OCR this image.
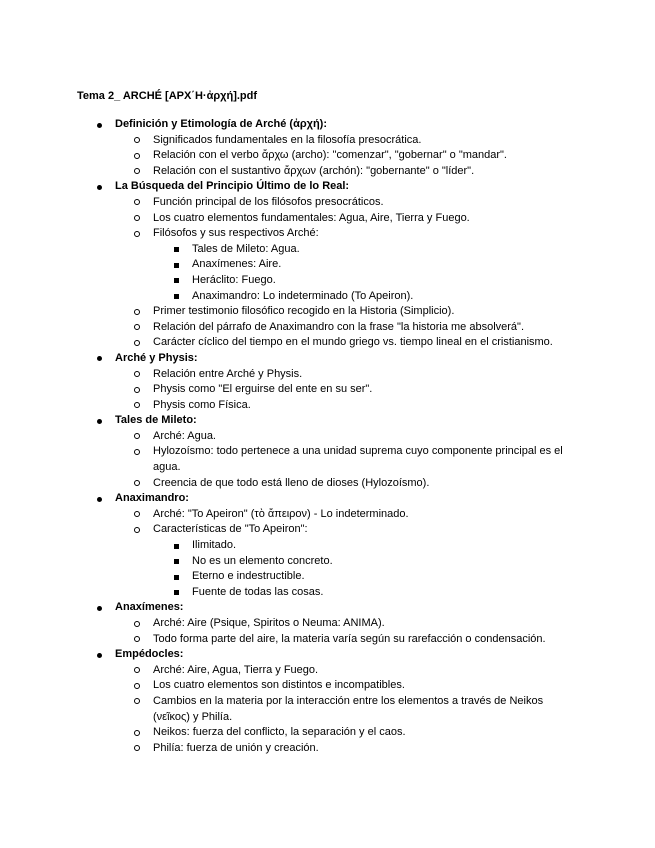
Tema 2_ ARCHÉ [ΑΡΧ΄Η·ἀρχή].pdf
Definición y Etimología de Arché (ἀρχή):
Significados fundamentales en la filosofía presocrática.
Relación con el verbo ἄρχω (archo): "comenzar", "gobernar" o "mandar".
Relación con el sustantivo ἄρχων (archón): "gobernante" o "líder".
La Búsqueda del Principio Último de lo Real:
Función principal de los filósofos presocráticos.
Los cuatro elementos fundamentales: Agua, Aire, Tierra y Fuego.
Filósofos y sus respectivos Arché:
Tales de Mileto: Agua.
Anaxímenes: Aire.
Heráclito: Fuego.
Anaximandro: Lo indeterminado (To Apeiron).
Primer testimonio filosófico recogido en la Historia (Simplicio).
Relación del párrafo de Anaximandro con la frase "la historia me absolverá".
Carácter cíclico del tiempo en el mundo griego vs. tiempo lineal en el cristianismo.
Arché y Physis:
Relación entre Arché y Physis.
Physis como "El erguirse del ente en su ser".
Physis como Física.
Tales de Mileto:
Arché: Agua.
Hylozoísmo: todo pertenece a una unidad suprema cuyo componente principal es el agua.
Creencia de que todo está lleno de dioses (Hylozoísmo).
Anaximandro:
Arché: "To Apeiron" (τὸ ἄπειρον) - Lo indeterminado.
Características de "To Apeiron":
Ilimitado.
No es un elemento concreto.
Eterno e indestructible.
Fuente de todas las cosas.
Anaxímenes:
Arché: Aire (Psique, Spiritos o Neuma: ANIMA).
Todo forma parte del aire, la materia varía según su rarefacción o condensación.
Empédocles:
Arché: Aire, Agua, Tierra y Fuego.
Los cuatro elementos son distintos e incompatibles.
Cambios en la materia por la interacción entre los elementos a través de Neikos (νεῖκος) y Philía.
Neikos: fuerza del conflicto, la separación y el caos.
Philía: fuerza de unión y creación.
